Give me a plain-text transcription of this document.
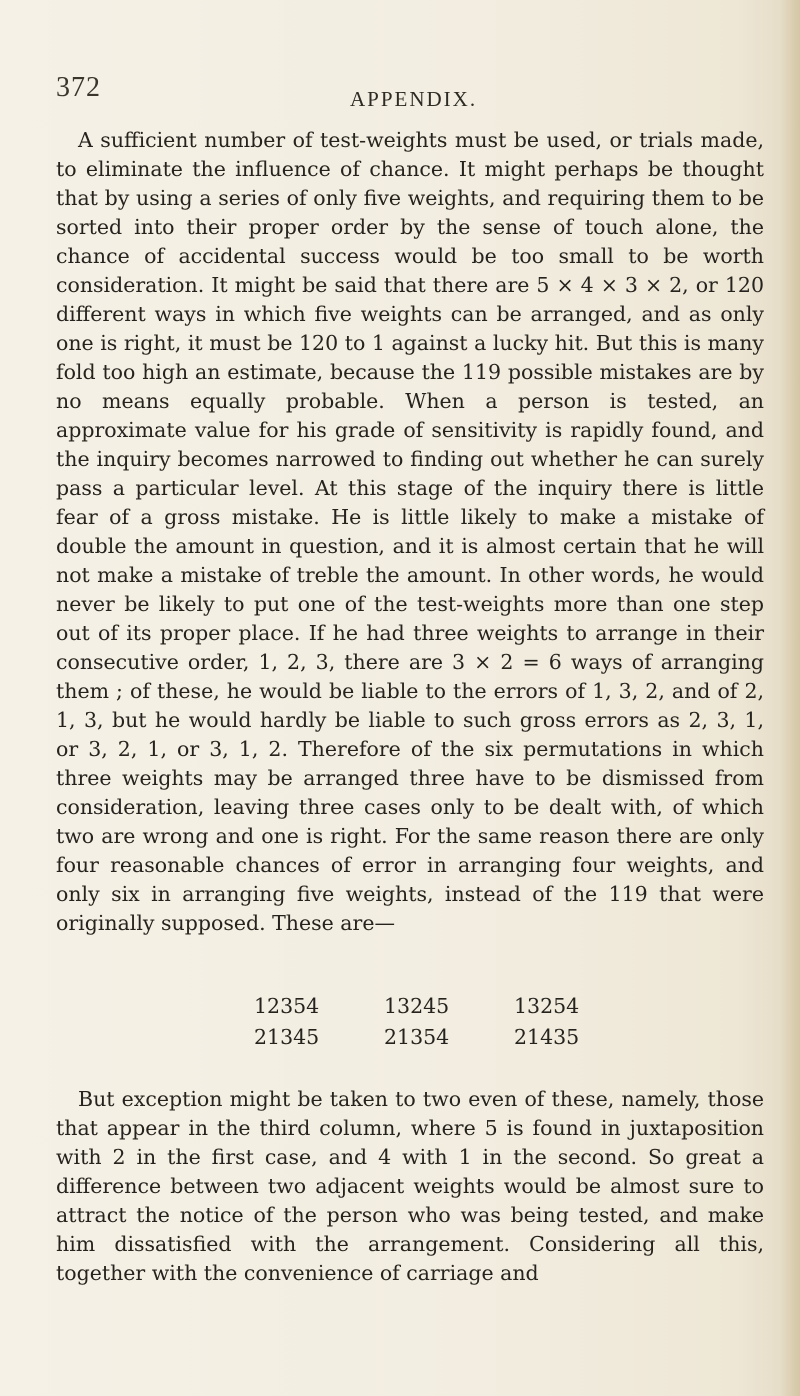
372	APPENDIX.

A sufficient number of test-weights must be used, or trials made, to eliminate the influence of chance. It might perhaps be thought that by using a series of only five weights, and requiring them to be sorted into their proper order by the sense of touch alone, the chance of accidental success would be too small to be worth consideration. It might be said that there are 5 × 4 × 3 × 2, or 120 different ways in which five weights can be arranged, and as only one is right, it must be 120 to 1 against a lucky hit. But this is many fold too high an estimate, because the 119 possible mistakes are by no means equally probable. When a person is tested, an approximate value for his grade of sensitivity is rapidly found, and the inquiry becomes narrowed to finding out whether he can surely pass a particular level. At this stage of the inquiry there is little fear of a gross mistake. He is little likely to make a mistake of double the amount in question, and it is almost certain that he will not make a mistake of treble the amount. In other words, he would never be likely to put one of the test-weights more than one step out of its proper place. If he had three weights to arrange in their consecutive order, 1, 2, 3, there are 3 × 2 = 6 ways of arranging them ; of these, he would be liable to the errors of 1, 3, 2, and of 2, 1, 3, but he would hardly be liable to such gross errors as 2, 3, 1, or 3, 2, 1, or 3, 1, 2. Therefore of the six permutations in which three weights may be arranged three have to be dismissed from consideration, leaving three cases only to be dealt with, of which two are wrong and one is right. For the same reason there are only four reasonable chances of error in arranging four weights, and only six in arranging five weights, instead of the 119 that were originally supposed. These are—

12354	13245	13254
21345	21354	21435

But exception might be taken to two even of these, namely, those that appear in the third column, where 5 is found in juxtaposition with 2 in the first case, and 4 with 1 in the second. So great a difference between two adjacent weights would be almost sure to attract the notice of the person who was being tested, and make him dissatisfied with the arrangement. Considering all this, together with the convenience of carriage and
